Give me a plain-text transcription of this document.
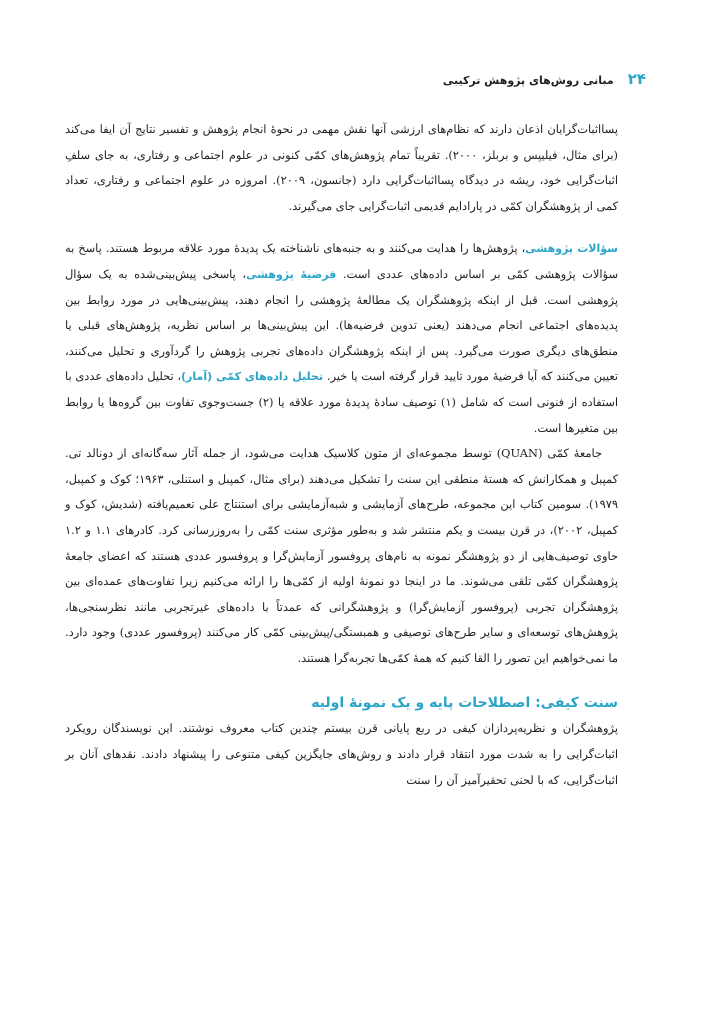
۲۴
مبانی روش‌های پژوهش ترکیبی

پسااثبات‌گرایان اذعان دارند که نظام‌های ارزشی آنها نقش مهمی در نحوهٔ انجام پژوهش و تفسیر نتایج آن ایفا می‌کند (برای مثال، فیلیپس و بربلز، ۲۰۰۰). تقریباً تمام پژوهش‌های کمّی کنونی در علوم اجتماعی و رفتاری، به جای سلفِ اثبات‌گرایی خود، ریشه در دیدگاه پسااثبات‌گرایی دارد (جانسون، ۲۰۰۹). امروزه در علوم اجتماعی و رفتاری، تعداد کمی از پژوهشگران کمّی در پارادایم قدیمی اثبات‌گرایی جای می‌گیرند.

سؤالات پژوهشی، پژوهش‌ها را هدایت می‌کنند و به جنبه‌های ناشناخته یک پدیدهٔ مورد علاقه مربوط هستند. پاسخ به سؤالات پژوهشی کمّی بر اساس داده‌های عددی است. فرضیهٔ پژوهشی، پاسخی پیش‌بینی‌شده به یک سؤال پژوهشی است. قبل از اینکه پژوهشگران یک مطالعهٔ پژوهشی را انجام دهند، پیش‌بینی‌هایی در مورد روابط بین پدیده‌های اجتماعی انجام می‌دهند (یعنی تدوین فرضیه‌ها). این پیش‌بینی‌ها بر اساس نظریه، پژوهش‌های قبلی یا منطق‌های دیگری صورت می‌گیرد. پس از اینکه پژوهشگران داده‌های تجربی پژوهش را گردآوری و تحلیل می‌کنند، تعیین می‌کنند که آیا فرضیهٔ مورد تایید قرار گرفته است یا خیر. تحلیل داده‌های کمّی (آمار)، تحلیل داده‌های عددی با استفاده از فنونی است که شامل (۱) توصیف سادهٔ پدیدهٔ مورد علاقه یا (۲) جست‌وجوی تفاوت بین گروه‌ها یا روابط بین متغیرها است.

جامعهٔ کمّی (QUAN) توسط مجموعه‌ای از متون کلاسیک هدایت می‌شود، از جمله آثار سه‌گانه‌ای از دونالد تی. کمپبل و همکارانش که هستهٔ منطقی این سنت را تشکیل می‌دهند (برای مثال، کمپبل و استنلی، ۱۹۶۳؛ کوک و کمپبل، ۱۹۷۹). سومین کتاب این مجموعه، طرح‌های آزمایشی و شبه‌آزمایشی برای استنتاج علی تعمیم‌یافته (شدیش، کوک و کمپبل، ۲۰۰۲)، در قرن بیست و یکم منتشر شد و به‌طور مؤثری سنت کمّی را به‌روزرسانی کرد. کادرهای ۱.۱ و ۱.۲ حاوی توصیف‌هایی از دو پژوهشگر نمونه به نام‌های پروفسور آزمایش‌گرا و پروفسور عددی هستند که اعضای جامعهٔ پژوهشگران کمّی تلقی می‌شوند. ما در اینجا دو نمونهٔ اولیه از کمّی‌ها را ارائه می‌کنیم زیرا تفاوت‌های عمده‌ای بین پژوهشگران تجربی (پروفسور آزمایش‌گرا) و پژوهشگرانی که عمدتاً با داده‌های غیرتجربی مانند نظرسنجی‌ها، پژوهش‌های توسعه‌ای و سایر طرح‌های توصیفی و همبستگی/پیش‌بینی کمّی کار می‌کنند (پروفسور عددی) وجود دارد. ما نمی‌خواهیم این تصور را القا کنیم که همهٔ کمّی‌ها تجربه‌گرا هستند.

سنت کیفی: اصطلاحات پایه و یک نمونهٔ اولیه

پژوهشگران و نظریه‌پردازان کیفی در ربع پایانی قرن بیستم چندین کتاب معروف نوشتند. این نویسندگان رویکرد اثبات‌گرایی را به شدت مورد انتقاد قرار دادند و روش‌های جایگزین کیفی متنوعی را پیشنهاد دادند. نقدهای آنان بر اثبات‌گرایی، که با لحنی تحقیرآمیز آن را سنت
